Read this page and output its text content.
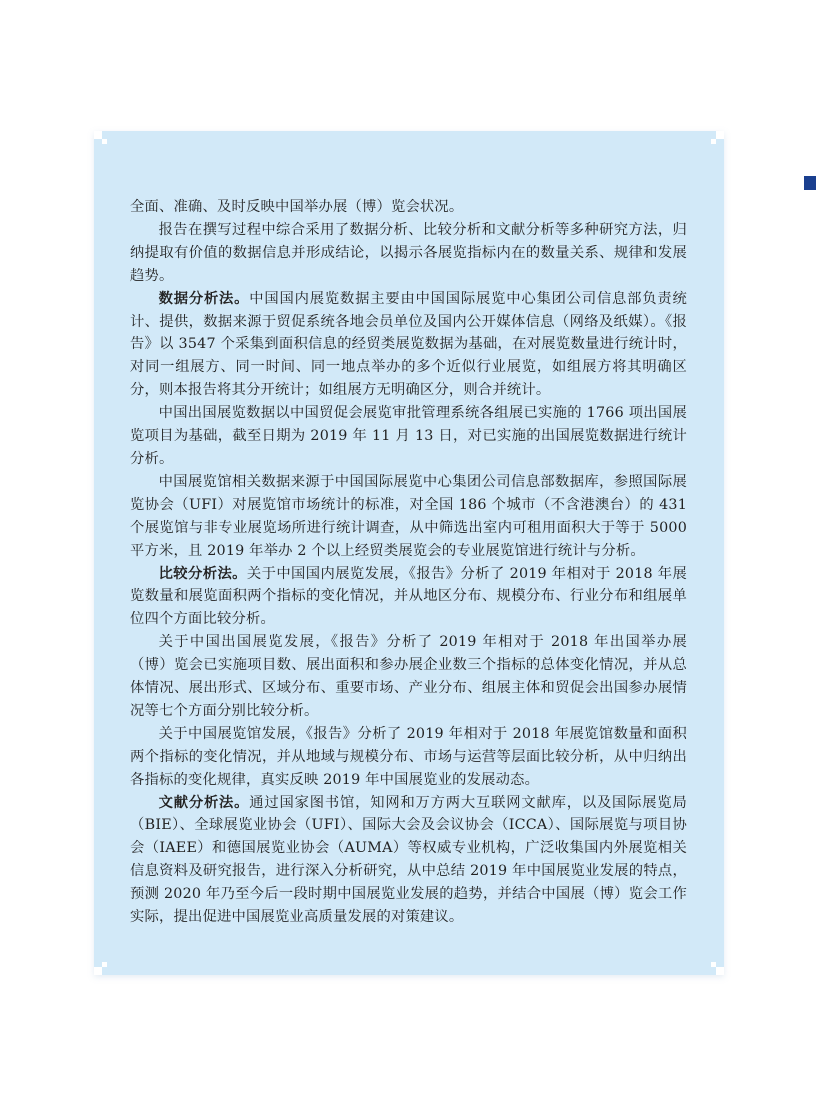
全面、准确、及时反映中国举办展（博）览会状况。

报告在撰写过程中综合采用了数据分析、比较分析和文献分析等多种研究方法，归纳提取有价值的数据信息并形成结论，以揭示各展览指标内在的数量关系、规律和发展趋势。

数据分析法。中国国内展览数据主要由中国国际展览中心集团公司信息部负责统计、提供，数据来源于贸促系统各地会员单位及国内公开媒体信息（网络及纸媒）。《报告》以 3547 个采集到面积信息的经贸类展览数据为基础，在对展览数量进行统计时，对同一组展方、同一时间、同一地点举办的多个近似行业展览，如组展方将其明确区分，则本报告将其分开统计；如组展方无明确区分，则合并统计。

中国出国展览数据以中国贸促会展览审批管理系统各组展已实施的 1766 项出国展览项目为基础，截至日期为 2019 年 11 月 13 日，对已实施的出国展览数据进行统计分析。

中国展览馆相关数据来源于中国国际展览中心集团公司信息部数据库，参照国际展览协会（UFI）对展览馆市场统计的标准，对全国 186 个城市（不含港澳台）的 431 个展览馆与非专业展览场所进行统计调查，从中筛选出室内可租用面积大于等于 5000 平方米，且 2019 年举办 2 个以上经贸类展览会的专业展览馆进行统计与分析。

比较分析法。关于中国国内展览发展，《报告》分析了 2019 年相对于 2018 年展览数量和展览面积两个指标的变化情况，并从地区分布、规模分布、行业分布和组展单位四个方面比较分析。

关于中国出国展览发展，《报告》分析了 2019 年相对于 2018 年出国举办展（博）览会已实施项目数、展出面积和参办展企业数三个指标的总体变化情况，并从总体情况、展出形式、区域分布、重要市场、产业分布、组展主体和贸促会出国参办展情况等七个方面分别比较分析。

关于中国展览馆发展，《报告》分析了 2019 年相对于 2018 年展览馆数量和面积两个指标的变化情况，并从地域与规模分布、市场与运营等层面比较分析，从中归纳出各指标的变化规律，真实反映 2019 年中国展览业的发展动态。

文献分析法。通过国家图书馆，知网和万方两大互联网文献库，以及国际展览局（BIE）、全球展览业协会（UFI）、国际大会及会议协会（ICCA）、国际展览与项目协会（IAEE）和德国展览业协会（AUMA）等权威专业机构，广泛收集国内外展览相关信息资料及研究报告，进行深入分析研究，从中总结 2019 年中国展览业发展的特点，预测 2020 年乃至今后一段时期中国展览业发展的趋势，并结合中国展（博）览会工作实际，提出促进中国展览业高质量发展的对策建议。
